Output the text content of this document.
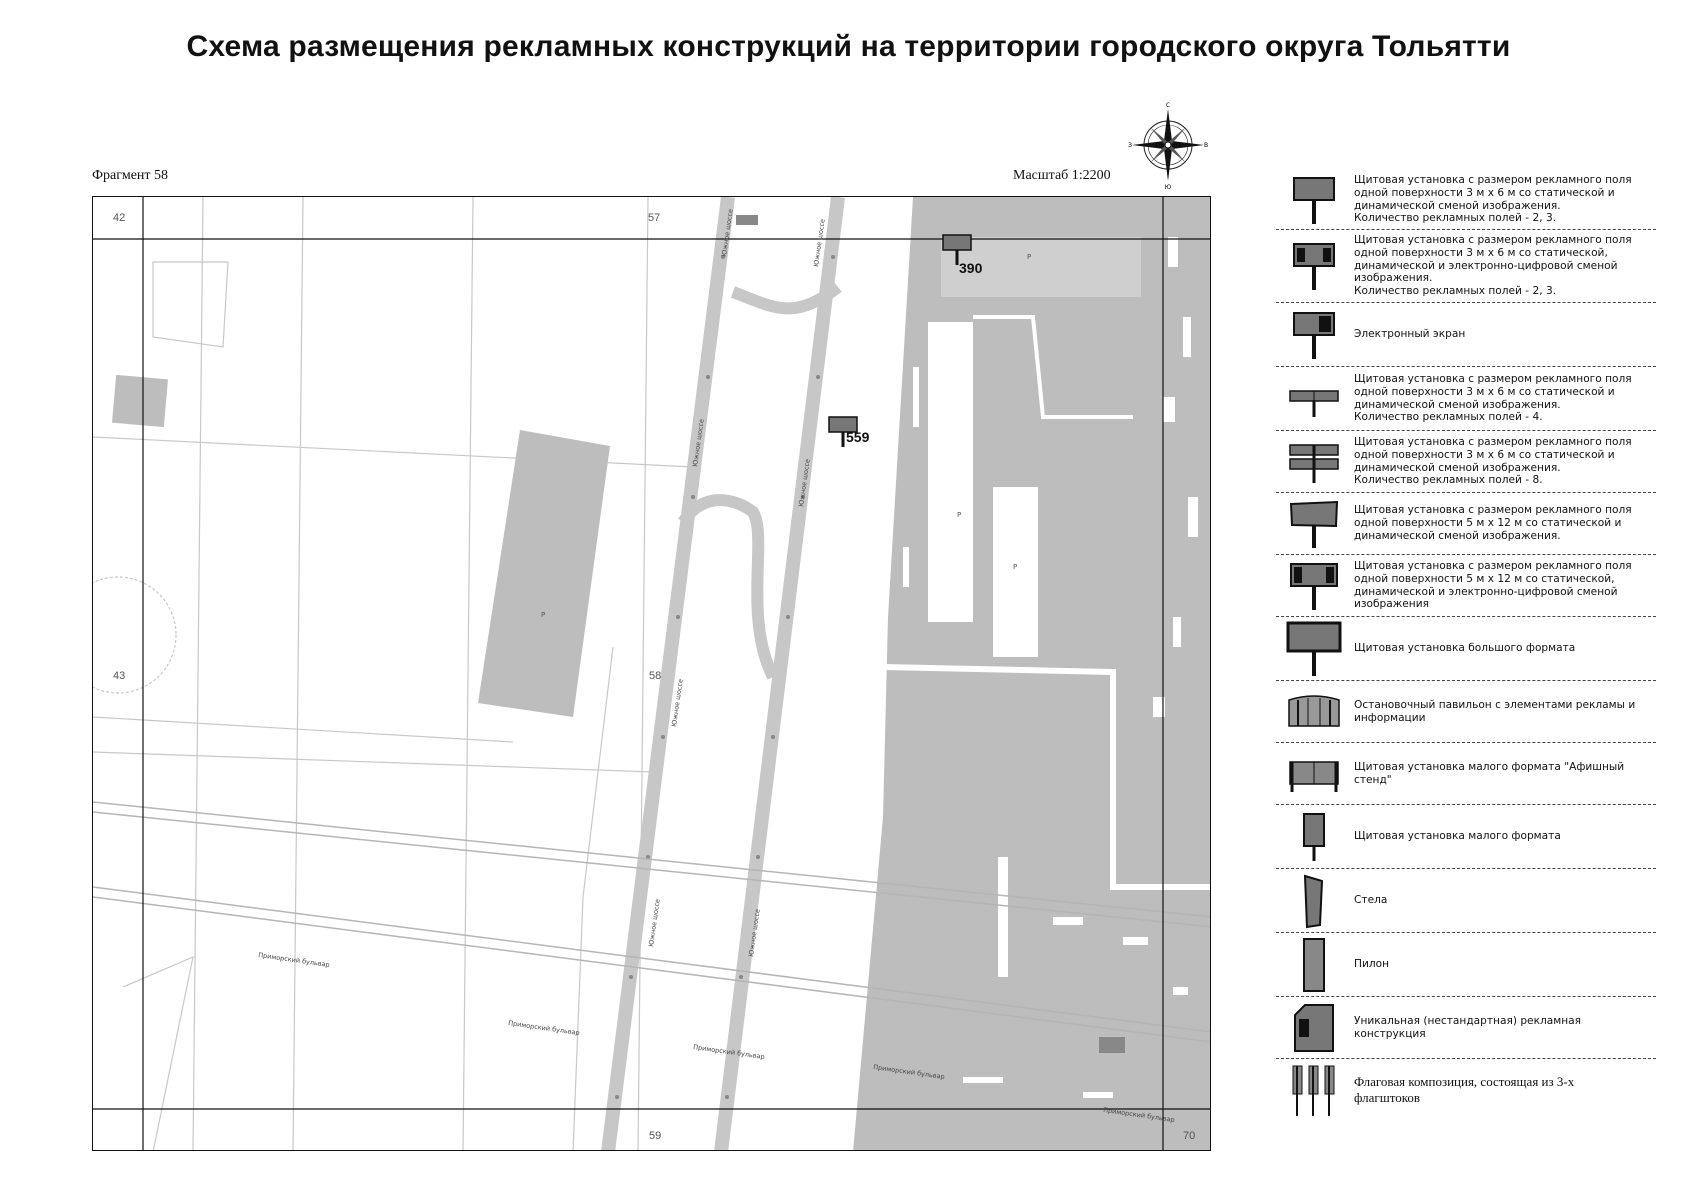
Схема размещения рекламных конструкций на территории городского округа Тольятти
Фрагмент 58	Масштаб 1:2200
С
Ю
З	В
42	57
43	58
59	70
Приморский бульвар
Приморский бульвар
Приморский бульвар
Приморский бульвар
Приморский бульвар
Южное шоссе
Южное шоссе
Южное шоссе
Южное шоссе
Южное шоссе
Южное шоссе	Южное шоссе
Р
Р
Р
Р
390
559
Щитовая установка с размером рекламного поля
одной поверхности 3 м х 6 м со статической и
динамической сменой изображения.
Количество рекламных полей - 2, 3.
Щитовая установка с размером рекламного поля
одной поверхности 3 м х 6 м со статической,
динамической и электронно-цифровой сменой
изображения.
Количество рекламных полей - 2, 3.
Электронный экран
Щитовая установка с размером рекламного поля
одной поверхности 3 м х 6 м со статической и
динамической сменой изображения.
Количество рекламных полей - 4.
Щитовая установка с размером рекламного поля
одной поверхности 3 м х 6 м со статической и
динамической сменой изображения.
Количество рекламных полей - 8.
Щитовая установка с размером рекламного поля
одной поверхности 5 м х 12 м со статической и
динамической сменой изображения.
Щитовая установка с размером рекламного поля
одной поверхности 5 м х 12 м со статической,
динамической и электронно-цифровой сменой
изображения
Щитовая установка большого формата
Остановочный павильон с элементами рекламы и
информации
Щитовая установка малого формата "Афишный
стенд"
Щитовая установка малого формата
Стела
Пилон
Уникальная (нестандартная) рекламная
конструкция
Флаговая композиция, состоящая из 3-х
флагштоков
